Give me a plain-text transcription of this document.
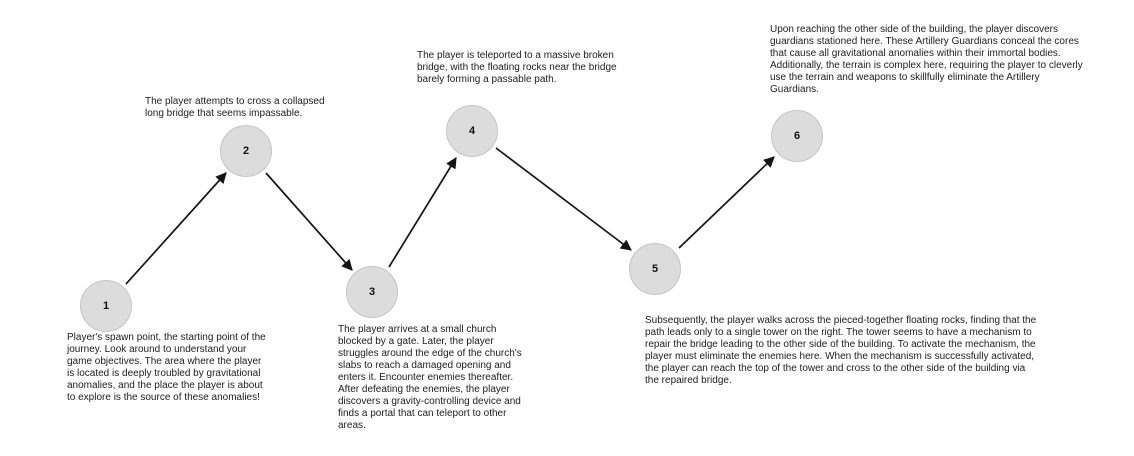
1
2
3
4
5
6
Player's spawn point, the starting point of the journey. Look around to understand your game objectives. The area where the player is located is deeply troubled by gravitational anomalies, and the place the player is about to explore is the source of these anomalies!
The player attempts to cross a collapsed long bridge that seems impassable.
The player arrives at a small church blocked by a gate. Later, the player struggles around the edge of the church's slabs to reach a damaged opening and enters it. Encounter enemies thereafter. After defeating the enemies, the player discovers a gravity-controlling device and finds a portal that can teleport to other areas.
The player is teleported to a massive broken bridge, with the floating rocks near the bridge barely forming a passable path.
Subsequently, the player walks across the pieced-together floating rocks, finding that the path leads only to a single tower on the right. The tower seems to have a mechanism to repair the bridge leading to the other side of the building. To activate the mechanism, the player must eliminate the enemies here. When the mechanism is successfully activated, the player can reach the top of the tower and cross to the other side of the building via the repaired bridge.
Upon reaching the other side of the building, the player discovers guardians stationed here. These Artillery Guardians conceal the cores that cause all gravitational anomalies within their immortal bodies. Additionally, the terrain is complex here, requiring the player to cleverly use the terrain and weapons to skillfully eliminate the Artillery Guardians.
